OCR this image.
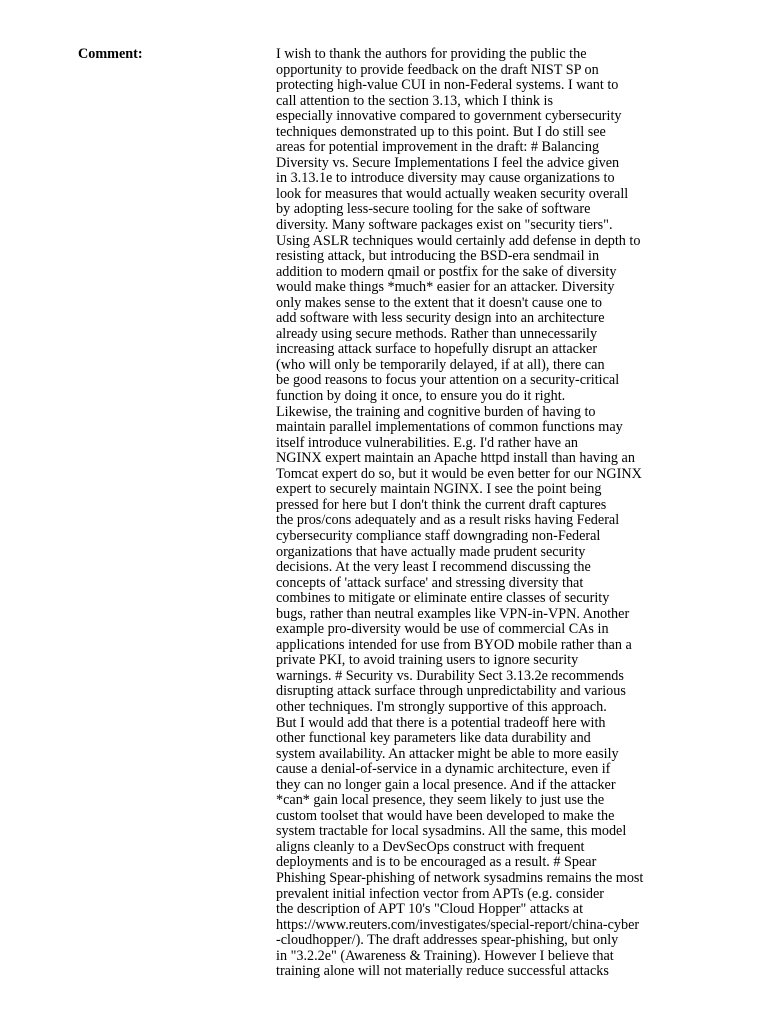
Comment:	I wish to thank the authors for providing the public the
opportunity to provide feedback on the draft NIST SP on
protecting high-value CUI in non-Federal systems. I want to
call attention to the section 3.13, which I think is
especially innovative compared to government cybersecurity
techniques demonstrated up to this point. But I do still see
areas for potential improvement in the draft: # Balancing
Diversity vs. Secure Implementations I feel the advice given
in 3.13.1e to introduce diversity may cause organizations to
look for measures that would actually weaken security overall
by adopting less-secure tooling for the sake of software
diversity. Many software packages exist on "security tiers".
Using ASLR techniques would certainly add defense in depth to
resisting attack, but introducing the BSD-era sendmail in
addition to modern qmail or postfix for the sake of diversity
would make things *much* easier for an attacker. Diversity
only makes sense to the extent that it doesn't cause one to
add software with less security design into an architecture
already using secure methods. Rather than unnecessarily
increasing attack surface to hopefully disrupt an attacker
(who will only be temporarily delayed, if at all), there can
be good reasons to focus your attention on a security-critical
function by doing it once, to ensure you do it right.
Likewise, the training and cognitive burden of having to
maintain parallel implementations of common functions may
itself introduce vulnerabilities. E.g. I'd rather have an
NGINX expert maintain an Apache httpd install than having an
Tomcat expert do so, but it would be even better for our NGINX
expert to securely maintain NGINX. I see the point being
pressed for here but I don't think the current draft captures
the pros/cons adequately and as a result risks having Federal
cybersecurity compliance staff downgrading non-Federal
organizations that have actually made prudent security
decisions. At the very least I recommend discussing the
concepts of 'attack surface' and stressing diversity that
combines to mitigate or eliminate entire classes of security
bugs, rather than neutral examples like VPN-in-VPN. Another
example pro-diversity would be use of commercial CAs in
applications intended for use from BYOD mobile rather than a
private PKI, to avoid training users to ignore security
warnings. # Security vs. Durability Sect 3.13.2e recommends
disrupting attack surface through unpredictability and various
other techniques. I'm strongly supportive of this approach.
But I would add that there is a potential tradeoff here with
other functional key parameters like data durability and
system availability. An attacker might be able to more easily
cause a denial-of-service in a dynamic architecture, even if
they can no longer gain a local presence. And if the attacker
*can* gain local presence, they seem likely to just use the
custom toolset that would have been developed to make the
system tractable for local sysadmins. All the same, this model
aligns cleanly to a DevSecOps construct with frequent
deployments and is to be encouraged as a result. # Spear
Phishing Spear-phishing of network sysadmins remains the most
prevalent initial infection vector from APTs (e.g. consider
the description of APT 10's "Cloud Hopper" attacks at
https://www.reuters.com/investigates/special-report/china-cyber
-cloudhopper/). The draft addresses spear-phishing, but only
in "3.2.2e" (Awareness & Training). However I believe that
training alone will not materially reduce successful attacks
